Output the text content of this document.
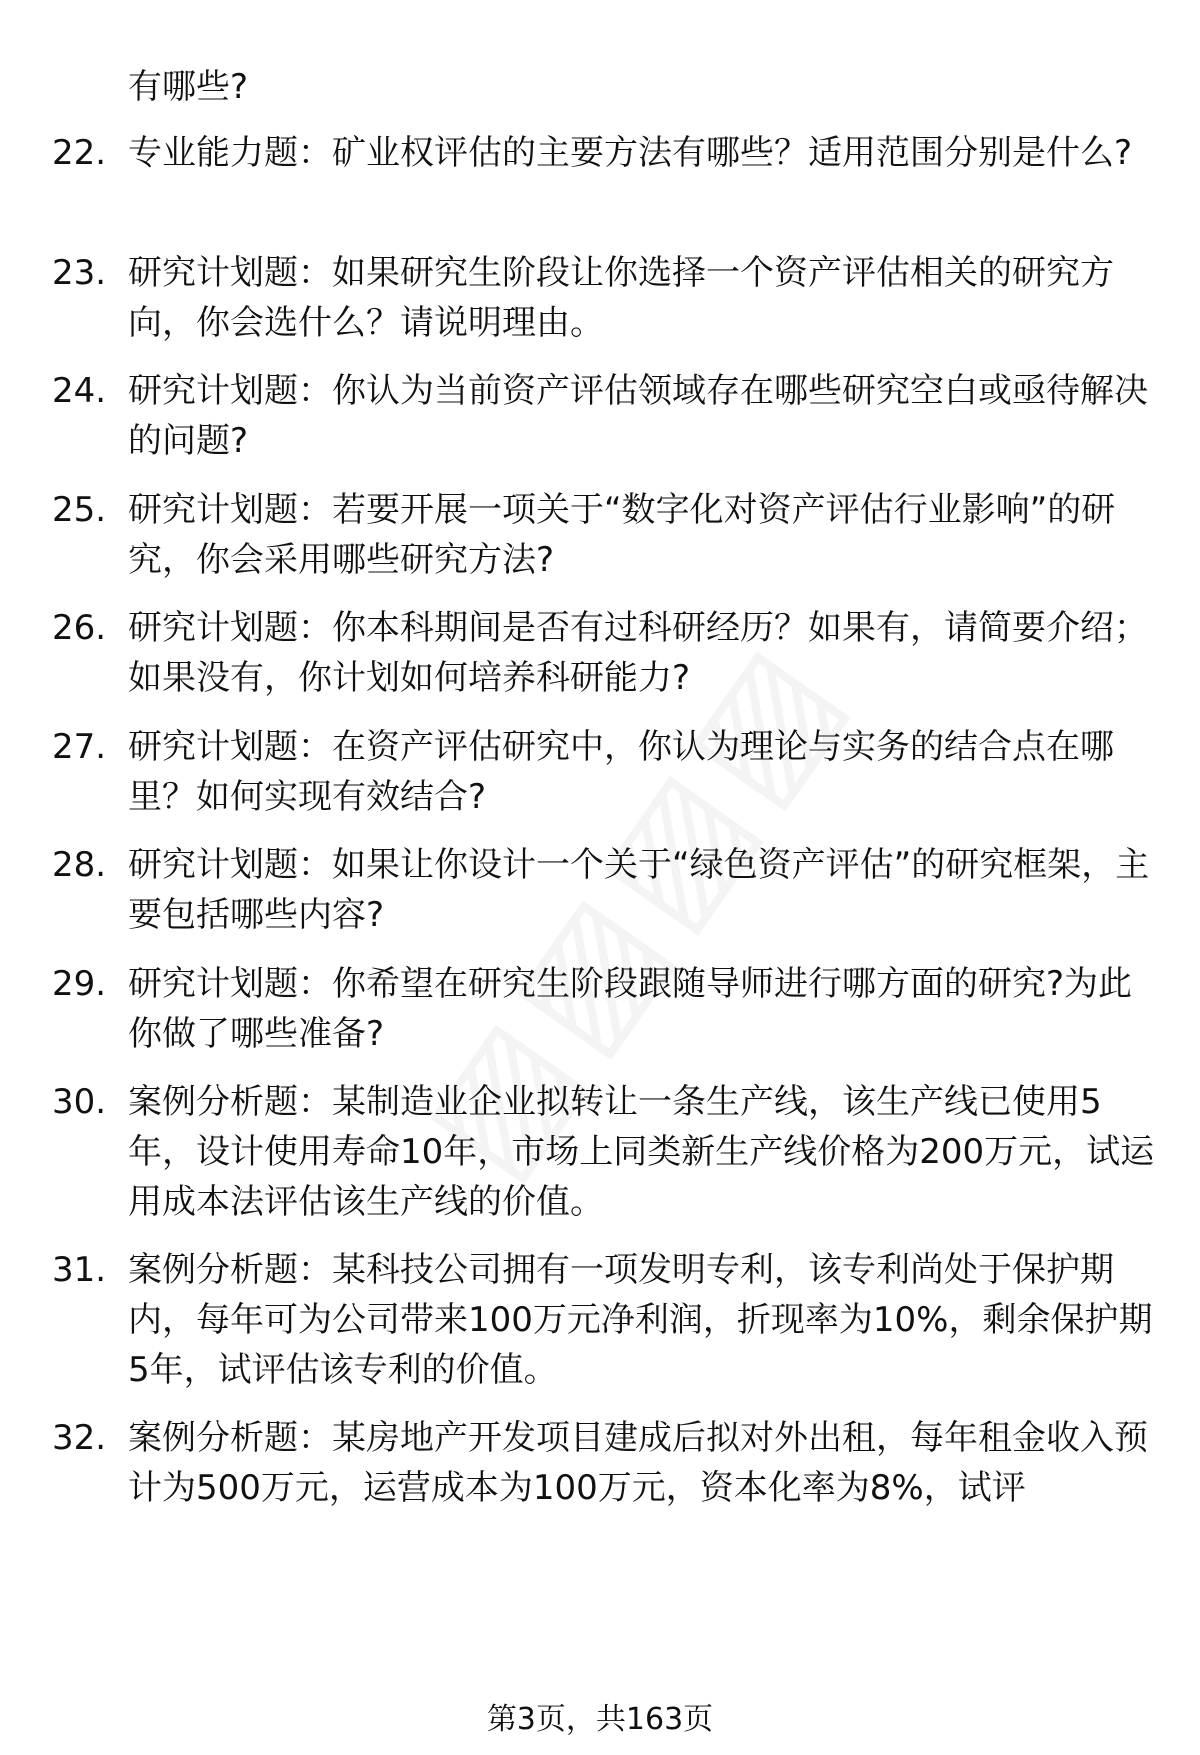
有哪些?
22. 专业能力题：矿业权评估的主要方法有哪些？适用范围分别是什么?
23. 研究计划题：如果研究生阶段让你选择一个资产评估相关的研究方向，你会选什么？请说明理由。
24. 研究计划题：你认为当前资产评估领域存在哪些研究空白或亟待解决的问题?
25. 研究计划题：若要开展一项关于“数字化对资产评估行业影响”的研究，你会采用哪些研究方法?
26. 研究计划题：你本科期间是否有过科研经历？如果有，请简要介绍；如果没有，你计划如何培养科研能力?
27. 研究计划题：在资产评估研究中，你认为理论与实务的结合点在哪里？如何实现有效结合?
28. 研究计划题：如果让你设计一个关于“绿色资产评估”的研究框架，主要包括哪些内容?
29. 研究计划题：你希望在研究生阶段跟随导师进行哪方面的研究?为此你做了哪些准备?
30. 案例分析题：某制造业企业拟转让一条生产线，该生产线已使用5年，设计使用寿命10年，市场上同类新生产线价格为200万元，试运用成本法评估该生产线的价值。
31. 案例分析题：某科技公司拥有一项发明专利，该专利尚处于保护期内，每年可为公司带来100万元净利润，折现率为10%，剩余保护期5年，试评估该专利的价值。
32. 案例分析题：某房地产开发项目建成后拟对外出租，每年租金收入预计为500万元，运营成本为100万元，资本化率为8%，试评
第3页，共163页
